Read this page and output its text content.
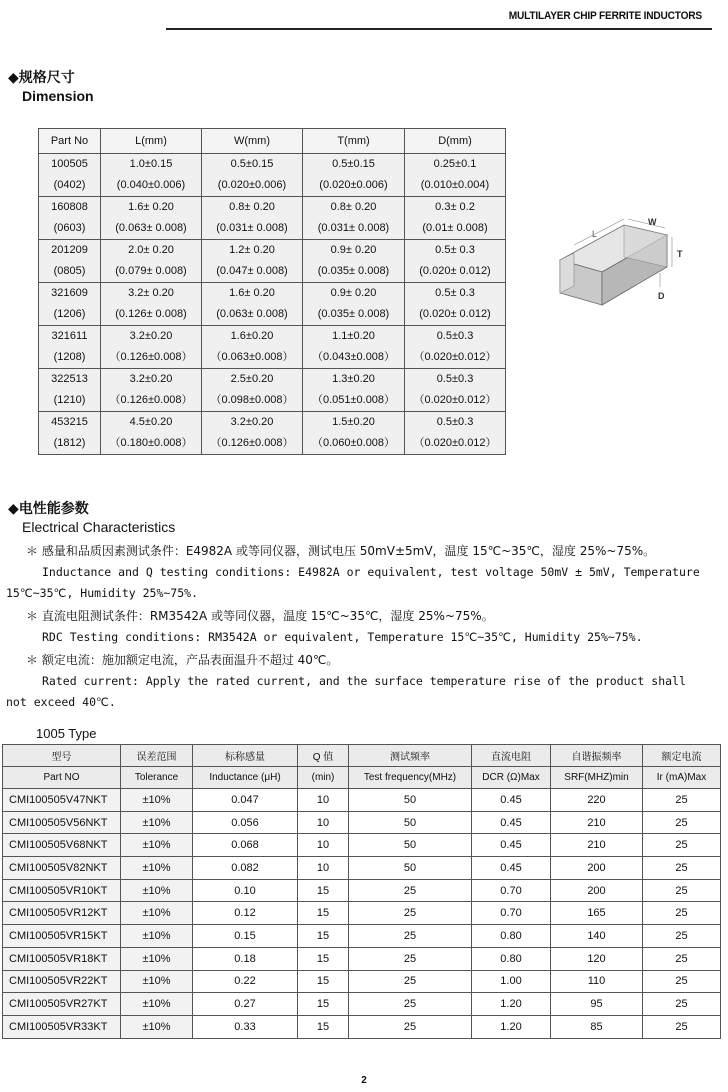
MULTILAYER CHIP FERRITE INDUCTORS
◆规格尺寸
Dimension
Part No	L(mm)	W(mm)	T(mm)	D(mm)
100505	1.0±0.15	0.5±0.15	0.5±0.15	0.25±0.1
(0402)	(0.040±0.006)	(0.020±0.006)	(0.020±0.006)	(0.010±0.004)
160808	1.6± 0.20	0.8± 0.20	0.8± 0.20	0.3± 0.2
(0603)	(0.063± 0.008)	(0.031± 0.008)	(0.031± 0.008)	(0.01± 0.008)
201209	2.0± 0.20	1.2± 0.20	0.9± 0.20	0.5± 0.3
(0805)	(0.079± 0.008)	(0.047± 0.008)	(0.035± 0.008)	(0.020± 0.012)
321609	3.2± 0.20	1.6± 0.20	0.9± 0.20	0.5± 0.3
(1206)	(0.126± 0.008)	(0.063± 0.008)	(0.035± 0.008)	(0.020± 0.012)
321611	3.2±0.20	1.6±0.20	1.1±0.20	0.5±0.3
(1208)	（0.126±0.008）	（0.063±0.008）	（0.043±0.008）	（0.020±0.012）
322513	3.2±0.20	2.5±0.20	1.3±0.20	0.5±0.3
(1210)	（0.126±0.008）	（0.098±0.008）	（0.051±0.008）	（0.020±0.012）
453215	4.5±0.20	3.2±0.20	1.5±0.20	0.5±0.3
(1812)	（0.180±0.008）	（0.126±0.008）	（0.060±0.008）	（0.020±0.012）
L
W
T
D
◆电性能参数
Electrical Characteristics
＊ 感量和品质因素测试条件：E4982A 或等同仪器，测试电压 50mV±5mV，温度 15℃~35℃，湿度 25%~75%。
Inductance and Q testing conditions: E4982A or equivalent, test voltage 50mV ± 5mV, Temperature
15℃~35℃, Humidity 25%~75%.
＊ 直流电阻测试条件：RM3542A 或等同仪器，温度 15℃~35℃，湿度 25%~75%。
RDC Testing conditions: RM3542A or equivalent, Temperature 15℃~35℃, Humidity 25%~75%.
＊ 额定电流：施加额定电流，产品表面温升不超过 40℃。
Rated current: Apply the rated current, and the surface temperature rise of the product shall
not exceed 40℃.
1005 Type
型号	误差范围	标称感量	Q 值	测试频率	直流电阻	自谐振频率	额定电流
Part NO	Tolerance	Inductance (μH)	(min)	Test frequency(MHz)	DCR (Ω)Max	SRF(MHZ)min	Ir (mA)Max
CMI100505V47NKT	±10%	0.047	10	50	0.45	220	25
CMI100505V56NKT	±10%	0.056	10	50	0.45	210	25
CMI100505V68NKT	±10%	0.068	10	50	0.45	210	25
CMI100505V82NKT	±10%	0.082	10	50	0.45	200	25
CMI100505VR10KT	±10%	0.10	15	25	0.70	200	25
CMI100505VR12KT	±10%	0.12	15	25	0.70	165	25
CMI100505VR15KT	±10%	0.15	15	25	0.80	140	25
CMI100505VR18KT	±10%	0.18	15	25	0.80	120	25
CMI100505VR22KT	±10%	0.22	15	25	1.00	110	25
CMI100505VR27KT	±10%	0.27	15	25	1.20	95	25
CMI100505VR33KT	±10%	0.33	15	25	1.20	85	25
2
